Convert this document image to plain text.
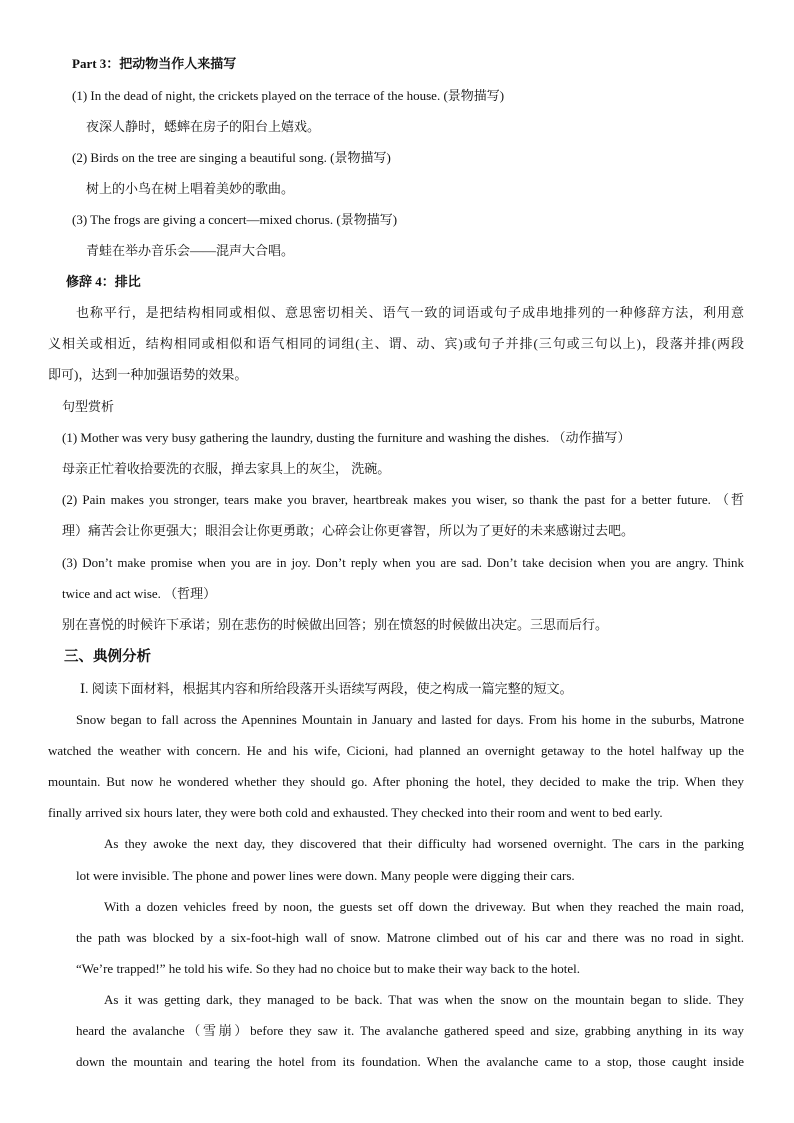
Part 3：把动物当作人来描写
(1) In the dead of night, the crickets played on the terrace of the house. (景物描写)
夜深人静时，蟋蟀在房子的阳台上嬉戏。
(2) Birds on the tree are singing a beautiful song. (景物描写)
树上的小鸟在树上唱着美妙的歌曲。
(3) The frogs are giving a concert—mixed chorus. (景物描写)
青蛙在举办音乐会——混声大合唱。
修辞 4：排比
也称平行，是把结构相同或相似、意思密切相关、语气一致的词语或句子成串地排列的一种修辞方法，利用意
义相关或相近，结构相同或相似和语气相同的词组(主、谓、动、宾)或句子并排(三句或三句以上)，段落并排(两段
即可)，达到一种加强语势的效果。
句型赏析
(1) Mother was very busy gathering the laundry, dusting the furniture and washing the dishes. （动作描写）
母亲正忙着收拾要洗的衣服，掸去家具上的灰尘， 洗碗。
(2) Pain makes you stronger, tears make you braver, heartbreak makes you wiser, so thank the past for a better future. （哲
理）痛苦会让你更强大；眼泪会让你更勇敢；心碎会让你更睿智，所以为了更好的未来感谢过去吧。
(3) Don’t make promise when you are in joy. Don’t reply when you are sad. Don’t take decision when you are angry. Think
twice and act wise. （哲理）
别在喜悦的时候许下承诺；别在悲伤的时候做出回答；别在愤怒的时候做出决定。三思而后行。
三、典例分析
Ⅰ. 阅读下面材料，根据其内容和所给段落开头语续写两段，使之构成一篇完整的短文。
Snow began to fall across the Apennines Mountain in January and lasted for days. From his home in the suburbs, Matrone
watched the weather with concern. He and his wife, Cicioni, had planned an overnight getaway to the hotel halfway up the
mountain. But now he wondered whether they should go. After phoning the hotel, they decided to make the trip. When they
finally arrived six hours later, they were both cold and exhausted. They checked into their room and went to bed early.
As they awoke the next day, they discovered that their difficulty had worsened overnight. The cars in the parking
lot were invisible. The phone and power lines were down. Many people were digging their cars.
With a dozen vehicles freed by noon, the guests set off down the driveway. But when they reached the main road,
the path was blocked by a six-foot-high wall of snow. Matrone climbed out of his car and there was no road in sight.
“We’re trapped!” he told his wife. So they had no choice but to make their way back to the hotel.
As it was getting dark, they managed to be back. That was when the snow on the mountain began to slide. They
heard the avalanche（雪崩）before they saw it. The avalanche gathered speed and size, grabbing anything in its way
down the mountain and tearing the hotel from its foundation. When the avalanche came to a stop, those caught inside
